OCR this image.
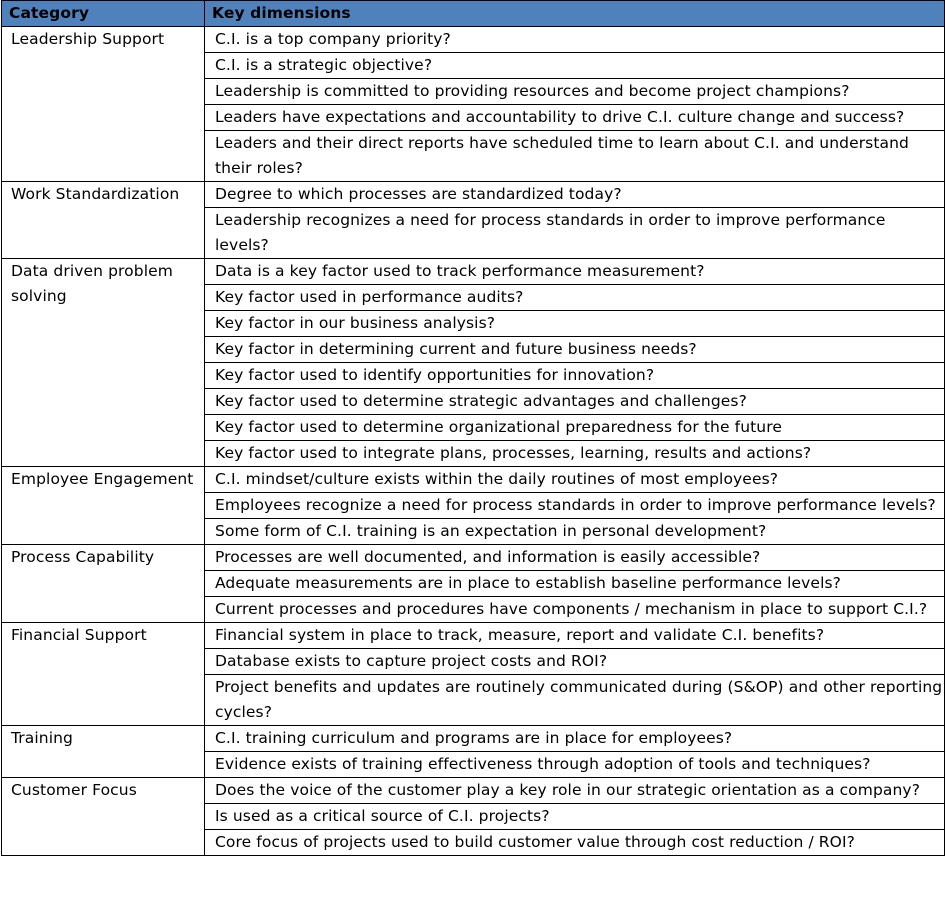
Category	Key dimensions
Leadership Support	C.I. is a top company priority?
	C.I. is a strategic objective?
	Leadership is committed to providing resources and become project champions?
	Leaders have expectations and accountability to drive C.I. culture change and success?
	Leaders and their direct reports have scheduled time to learn about C.I. and understand their roles?
Work Standardization	Degree to which processes are standardized today?
	Leadership recognizes a need for process standards in order to improve performance levels?
Data driven problem solving	Data is a key factor used to track performance measurement?
	Key factor used in performance audits?
	Key factor in our business analysis?
	Key factor in determining current and future business needs?
	Key factor used to identify opportunities for innovation?
	Key factor used to determine strategic advantages and challenges?
	Key factor used to determine organizational preparedness for the future
	Key factor used to integrate plans, processes, learning, results and actions?
Employee Engagement	C.I. mindset/culture exists within the daily routines of most employees?
	Employees recognize a need for process standards in order to improve performance levels?
	Some form of C.I. training is an expectation in personal development?
Process Capability	Processes are well documented, and information is easily accessible?
	Adequate measurements are in place to establish baseline performance levels?
	Current processes and procedures have components / mechanism in place to support C.I.?
Financial Support	Financial system in place to track, measure, report and validate C.I. benefits?
	Database exists to capture project costs and ROI?
	Project benefits and updates are routinely communicated during (S&OP) and other reporting cycles?
Training	C.I. training curriculum and programs are in place for employees?
	Evidence exists of training effectiveness through adoption of tools and techniques?
Customer Focus	Does the voice of the customer play a key role in our strategic orientation as a company?
	Is used as a critical source of C.I. projects?
	Core focus of projects used to build customer value through cost reduction / ROI?
